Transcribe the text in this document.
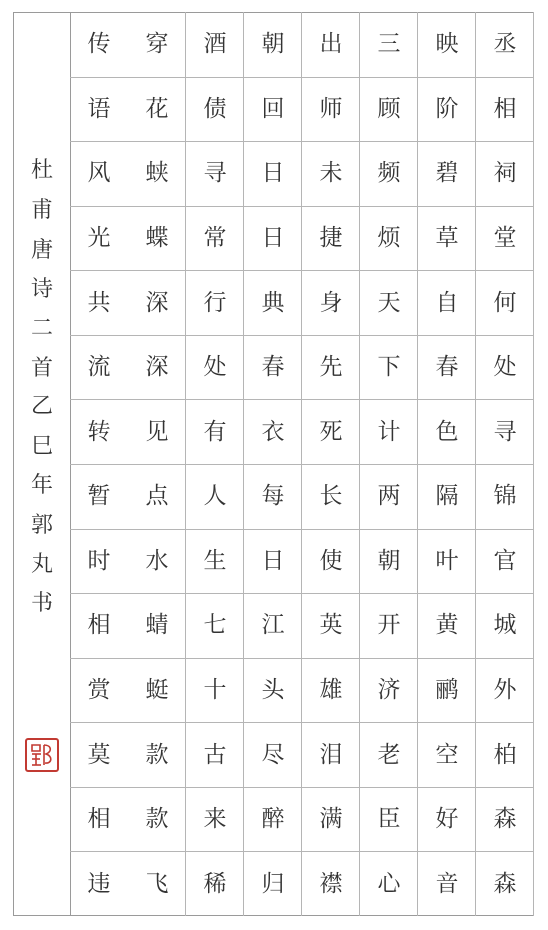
丞
相
祠
堂
何
处
寻
锦
官
城
外
柏
森
森
映
阶
碧
草
自
春
色
隔
叶
黄
鹂
空
好
音
三
顾
频
烦
天
下
计
两
朝
开
济
老
臣
心
出
师
未
捷
身
先
死
长
使
英
雄
泪
满
襟
朝
回
日
日
典
春
衣
每
日
江
头
尽
醉
归
酒
债
寻
常
行
处
有
人
生
七
十
古
来
稀
穿
花
蛱
蝶
深
深
见
点
水
蜻
蜓
款
款
飞
传
语
风
光
共
流
转
暂
时
相
赏
莫
相
违
杜
甫
唐
诗
二
首
乙
巳
年
郭
丸
书
